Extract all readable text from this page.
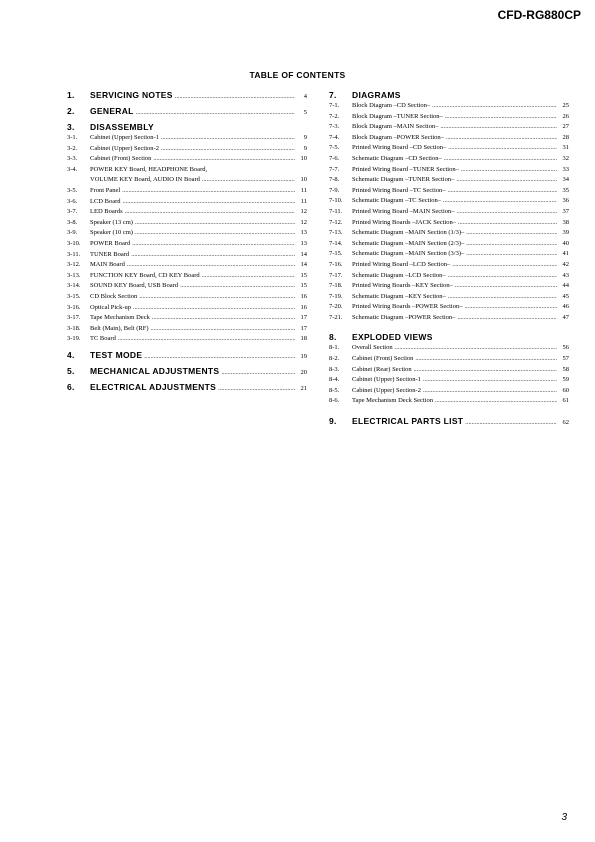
CFD-RG880CP
TABLE OF CONTENTS
1.	SERVICING NOTES .....	4
2.	GENERAL .....	5
3.	DISASSEMBLY
3-1.	Cabinet (Upper) Section-1 .....	9
3-2.	Cabinet (Upper) Section-2 .....	9
3-3.	Cabinet (Front) Section .....	10
3-4.	POWER KEY Board, HEADPHONE Board,
VOLUME KEY Board, AUDIO IN Board .....	10
3-5.	Front Panel .....	11
3-6.	LCD Board .....	11
3-7.	LED Boards .....	12
3-8.	Speaker (13 cm) .....	12
3-9.	Speaker (10 cm) .....	13
3-10.	POWER Board .....	13
3-11.	TUNER Board .....	14
3-12.	MAIN Board .....	14
3-13.	FUNCTION KEY Board, CD KEY Board .....	15
3-14.	SOUND KEY Board, USB Board .....	15
3-15.	CD Block Section .....	16
3-16.	Optical Pick-up .....	16
3-17.	Tape Mechanism Deck .....	17
3-18.	Belt (Main), Belt (RF) .....	17
3-19.	TC Board .....	18
4.	TEST MODE .....	19
5.	MECHANICAL ADJUSTMENTS .....	20
6.	ELECTRICAL ADJUSTMENTS .....	21
7.	DIAGRAMS
7-1.	Block Diagram –CD Section– .....	25
7-2.	Block Diagram –TUNER Section– .....	26
7-3.	Block Diagram –MAIN Section– .....	27
7-4.	Block Diagram –POWER Section– .....	28
7-5.	Printed Wiring Board –CD Section– .....	31
7-6.	Schematic Diagram –CD Section– .....	32
7-7.	Printed Wiring Board –TUNER Section– .....	33
7-8.	Schematic Diagram –TUNER Section– .....	34
7-9.	Printed Wiring Board –TC Section– .....	35
7-10.	Schematic Diagram –TC Section– .....	36
7-11.	Printed Wiring Board –MAIN Section– .....	37
7-12.	Printed Wiring Boards –JACK Section– .....	38
7-13.	Schematic Diagram –MAIN Section (1/3)– .....	39
7-14.	Schematic Diagram –MAIN Section (2/3)– .....	40
7-15.	Schematic Diagram –MAIN Section (3/3)– .....	41
7-16.	Printed Wiring Board –LCD Section– .....	42
7-17.	Schematic Diagram –LCD Section– .....	43
7-18.	Printed Wiring Boards –KEY Section– .....	44
7-19.	Schematic Diagram –KEY Section– .....	45
7-20.	Printed Wiring Boards –POWER Section– .....	46
7-21.	Schematic Diagram –POWER Section– .....	47
8.	EXPLODED VIEWS
8-1.	Overall Section .....	56
8-2.	Cabinet (Front) Section .....	57
8-3.	Cabinet (Rear) Section .....	58
8-4.	Cabinet (Upper) Section-1 .....	59
8-5.	Cabinet (Upper) Section-2 .....	60
8-6.	Tape Mechanism Deck Section .....	61
9.	ELECTRICAL PARTS LIST .....	62
3
